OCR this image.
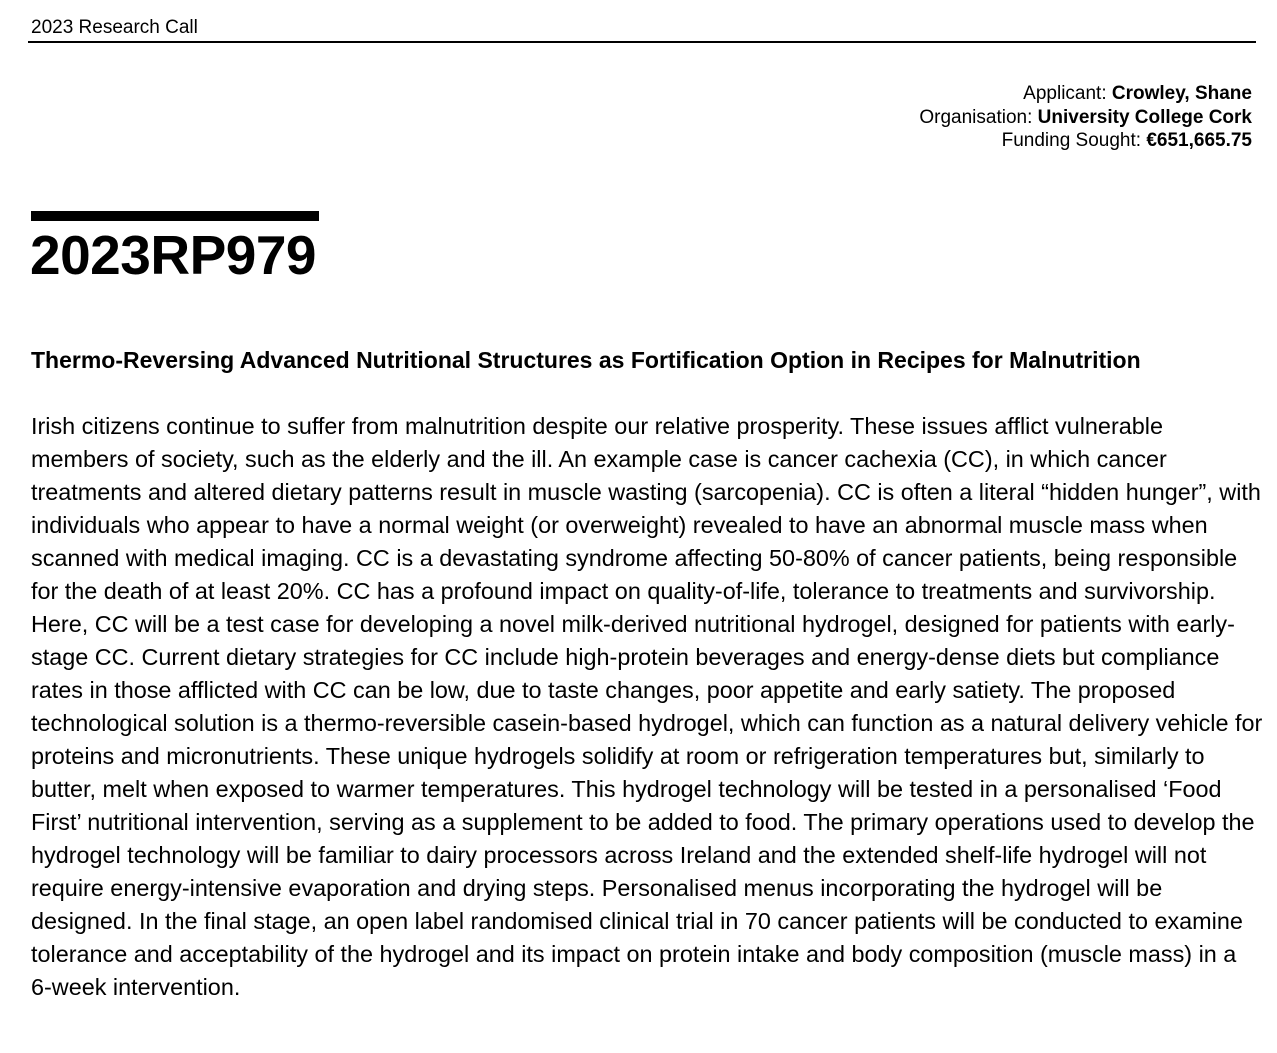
2023 Research Call
Applicant: Crowley, Shane
Organisation: University College Cork
Funding Sought: €651,665.75
2023RP979
Thermo-Reversing Advanced Nutritional Structures as Fortification Option in Recipes for Malnutrition

Irish citizens continue to suffer from malnutrition despite our relative prosperity. These issues afflict vulnerable members of society, such as the elderly and the ill. An example case is cancer cachexia (CC), in which cancer treatments and altered dietary patterns result in muscle wasting (sarcopenia). CC is often a literal “hidden hunger”, with individuals who appear to have a normal weight (or overweight) revealed to have an abnormal muscle mass when scanned with medical imaging. CC is a devastating syndrome affecting 50-80% of cancer patients, being responsible for the death of at least 20%. CC has a profound impact on quality-of-life, tolerance to treatments and survivorship. Here, CC will be a test case for developing a novel milk-derived nutritional hydrogel, designed for patients with early-stage CC. Current dietary strategies for CC include high-protein beverages and energy-dense diets but compliance rates in those afflicted with CC can be low, due to taste changes, poor appetite and early satiety. The proposed technological solution is a thermo-reversible casein-based hydrogel, which can function as a natural delivery vehicle for proteins and micronutrients. These unique hydrogels solidify at room or refrigeration temperatures but, similarly to butter, melt when exposed to warmer temperatures. This hydrogel technology will be tested in a personalised ‘Food First’ nutritional intervention, serving as a supplement to be added to food. The primary operations used to develop the hydrogel technology will be familiar to dairy processors across Ireland and the extended shelf-life hydrogel will not require energy-intensive evaporation and drying steps. Personalised menus incorporating the hydrogel will be designed. In the final stage, an open label randomised clinical trial in 70 cancer patients will be conducted to examine tolerance and acceptability of the hydrogel and its impact on protein intake and body composition (muscle mass) in a 6-week intervention.
